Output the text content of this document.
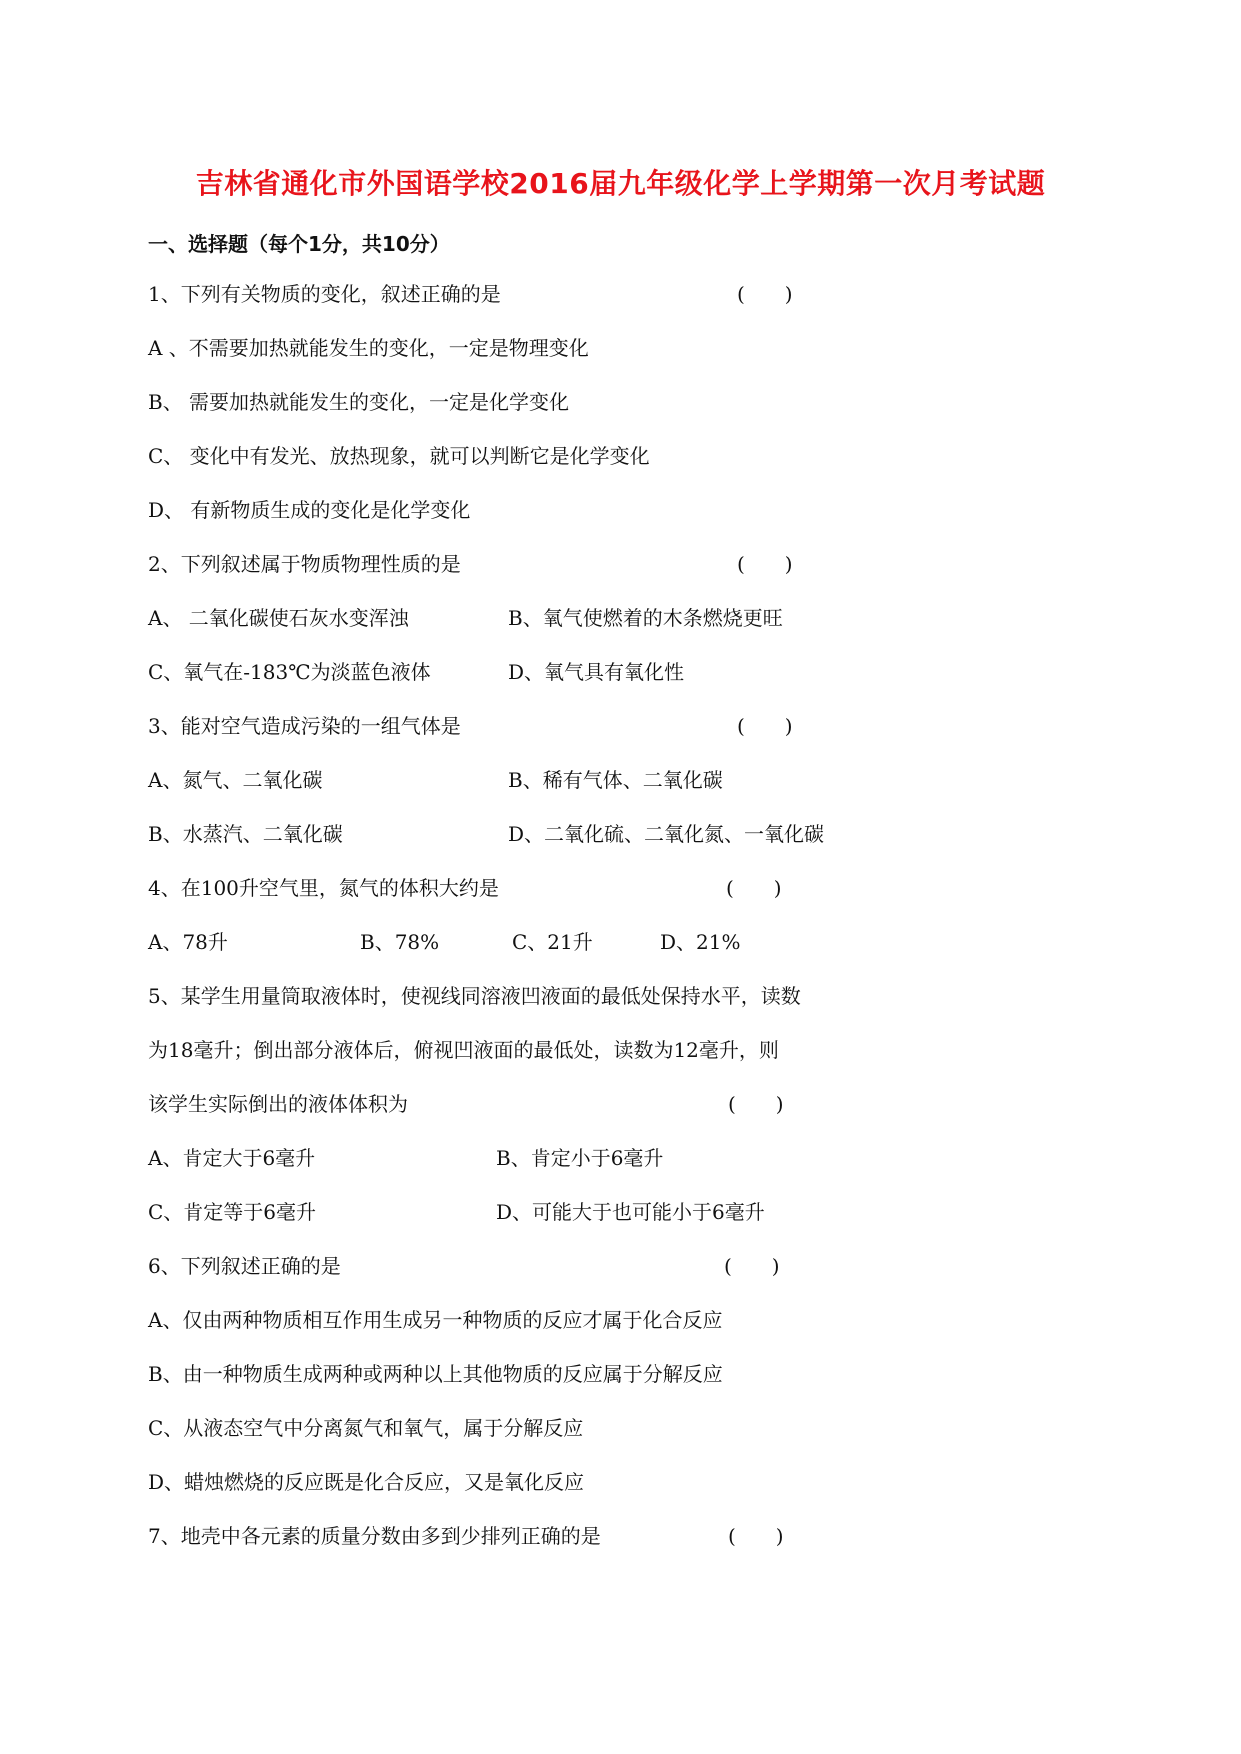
吉林省通化市外国语学校2016届九年级化学上学期第一次月考试题
一、选择题（每个1分，共10分）
1、下列有关物质的变化，叙述正确的是	(　　)
A 、不需要加热就能发生的变化，一定是物理变化
B、 需要加热就能发生的变化，一定是化学变化
C、 变化中有发光、放热现象，就可以判断它是化学变化
D、 有新物质生成的变化是化学变化
2、下列叙述属于物质物理性质的是	(　　)
A、 二氧化碳使石灰水变浑浊	B、氧气使燃着的木条燃烧更旺
C、氧气在-183℃为淡蓝色液体	D、氧气具有氧化性
3、能对空气造成污染的一组气体是	(　　)
A、氮气、二氧化碳	B、稀有气体、二氧化碳
B、水蒸汽、二氧化碳	D、二氧化硫、二氧化氮、一氧化碳
4、在100升空气里，氮气的体积大约是	(　　)
A、78升	B、78%	C、21升	D、21%
5、某学生用量筒取液体时，使视线同溶液凹液面的最低处保持水平，读数
为18毫升；倒出部分液体后，俯视凹液面的最低处，读数为12毫升，则
该学生实际倒出的液体体积为	(　　)
A、肯定大于6毫升	B、肯定小于6毫升
C、肯定等于6毫升	D、可能大于也可能小于6毫升
6、下列叙述正确的是	(　　)
A、仅由两种物质相互作用生成另一种物质的反应才属于化合反应
B、由一种物质生成两种或两种以上其他物质的反应属于分解反应
C、从液态空气中分离氮气和氧气，属于分解反应
D、蜡烛燃烧的反应既是化合反应，又是氧化反应
7、地壳中各元素的质量分数由多到少排列正确的是	(　　)
